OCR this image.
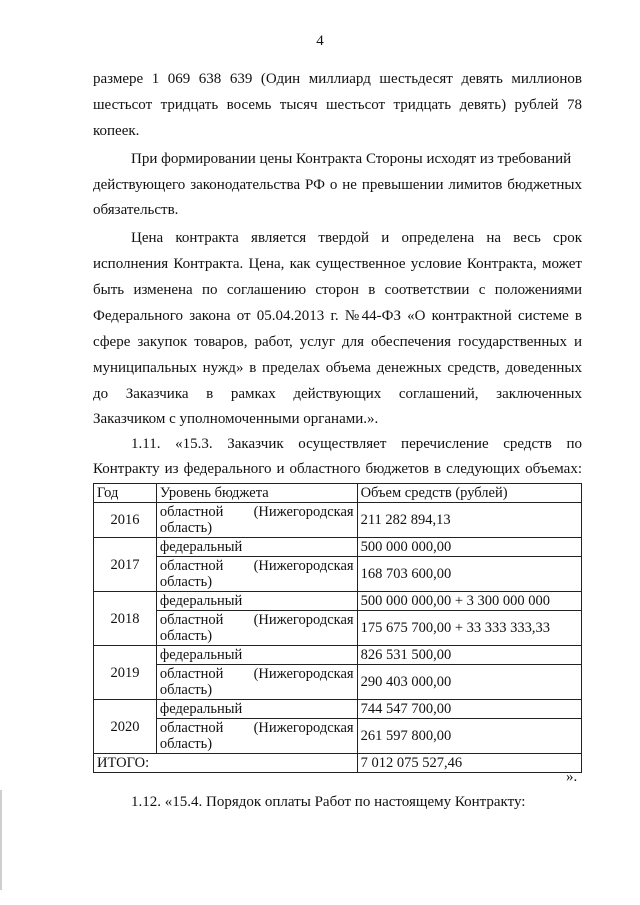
4
размере 1 069 638 639 (Один миллиард шестьдесят девять миллионов
шестьсот тридцать восемь тысяч шестьсот тридцать девять) рублей 78
копеек.
При формировании цены Контракта Стороны исходят из требований
действующего законодательства РФ о не превышении лимитов бюджетных
обязательств.
Цена контракта является твердой и определена на весь срок
исполнения Контракта. Цена, как существенное условие Контракта, может
быть изменена по соглашению сторон в соответствии с положениями
Федерального закона от 05.04.2013 г. №44-ФЗ «О контрактной системе в
сфере закупок товаров, работ, услуг для обеспечения государственных и
муниципальных нужд» в пределах объема денежных средств, доведенных
до Заказчика в рамках действующих соглашений, заключенных
Заказчиком с уполномоченными органами.».
1.11. «15.3. Заказчик осуществляет перечисление средств по
Контракту из федерального и областного бюджетов в следующих объемах:
Год	Уровень бюджета	Объем средств (рублей)
2016	областной (Нижегородская
область)	211 282 894,13
2017	федеральный	500 000 000,00

	областной (Нижегородская
область)	168 703 600,00
2018	федеральный	500 000 000,00 + 3 300 000 000

	областной (Нижегородская
область)	175 675 700,00 + 33 333 333,33
2019	федеральный	826 531 500,00

	областной (Нижегородская
область)	290 403 000,00
2020	федеральный	744 547 700,00

	областной (Нижегородская
область)	261 597 800,00
ИТОГО:		7 012 075 527,46
».
1.12. «15.4. Порядок оплаты Работ по настоящему Контракту:
